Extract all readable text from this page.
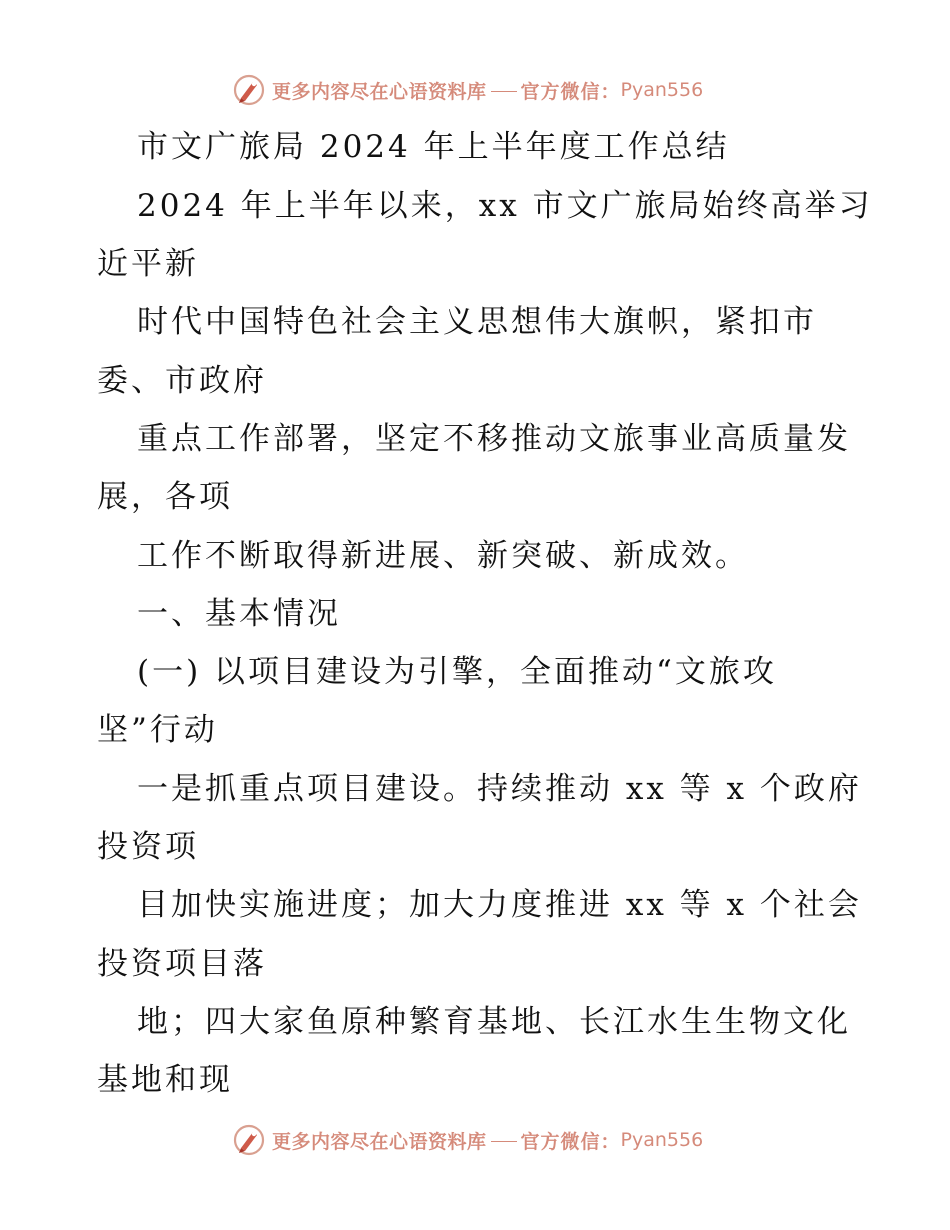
更多内容尽在心语资料库 官方微信： Pyan556
市文广旅局 2024 年上半年度工作总结
2024 年上半年以来，xx 市文广旅局始终高举习
近平新
时代中国特色社会主义思想伟大旗帜，紧扣市
委、市政府
重点工作部署，坚定不移推动文旅事业高质量发
展，各项
工作不断取得新进展、新突破、新成效。
一、基本情况
(一) 以项目建设为引擎，全面推动“文旅攻
坚”行动
一是抓重点项目建设。持续推动 xx 等 x 个政府
投资项
目加快实施进度；加大力度推进 xx 等 x 个社会
投资项目落
地；四大家鱼原种繁育基地、长江水生生物文化
基地和现
更多内容尽在心语资料库 官方微信： Pyan556
